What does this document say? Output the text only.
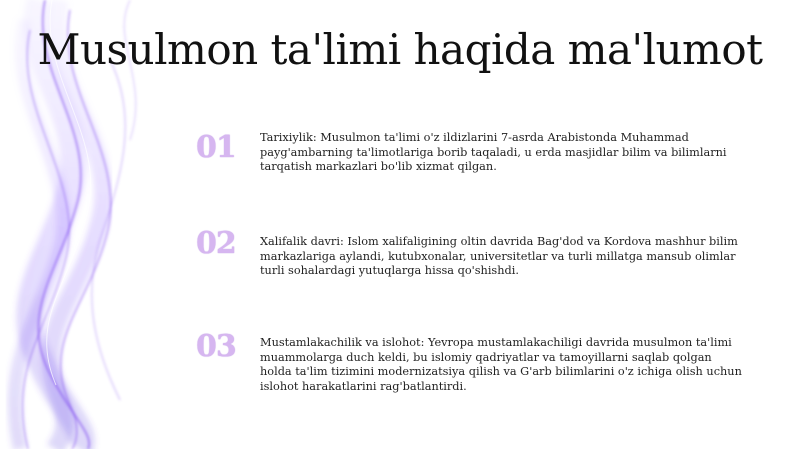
Musulmon ta'limi haqida ma'lumot
01	Tarixiylik: Musulmon ta'limi o'z ildizlarini 7-asrda Arabistonda Muhammad payg'ambarning ta'limotlariga borib taqaladi, u erda masjidlar bilim va bilimlarni tarqatish markazlari bo'lib xizmat qilgan.
02	Xalifalik davri: Islom xalifaligining oltin davrida Bag'dod va Kordova mashhur bilim markazlariga aylandi, kutubxonalar, universitetlar va turli millatga mansub olimlar turli sohalardagi yutuqlarga hissa qo'shishdi.
03	Mustamlakachilik va islohot: Yevropa mustamlakachiligi davrida musulmon ta'limi muammolarga duch keldi, bu islomiy qadriyatlar va tamoyillarni saqlab qolgan holda ta'lim tizimini modernizatsiya qilish va G'arb bilimlarini o'z ichiga olish uchun islohot harakatlarini rag'batlantirdi.
